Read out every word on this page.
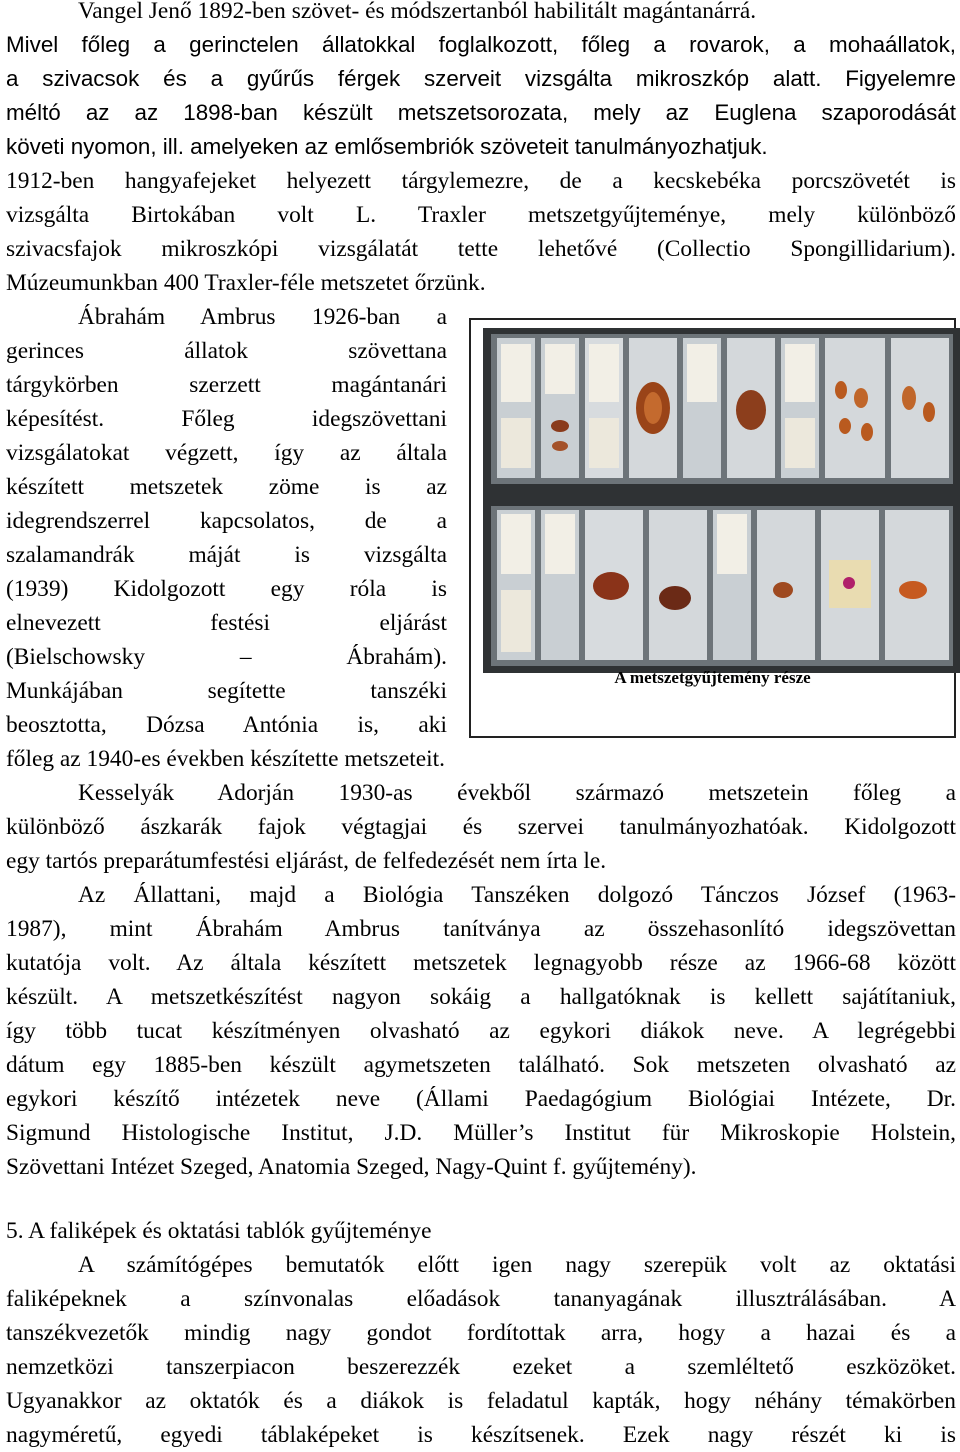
Vangel Jenő 1892-ben szövet- és módszertanból habilitált magántanárrá.
Mivel főleg a gerinctelen állatokkal foglalkozott, főleg a rovarok, a mohaállatok,
a szivacsok és a gyűrűs férgek szerveit vizsgálta mikroszkóp alatt. Figyelemre
méltó az az 1898-ban készült metszetsorozata, mely az Euglena szaporodását
követi nyomon, ill. amelyeken az emlősembriók szöveteit tanulmányozhatjuk.
1912-ben hangyafejeket helyezett tárgylemezre, de a kecskebéka porcszövetét is
vizsgálta Birtokában volt L. Traxler metszetgyűjteménye, mely különböző
szivacsfajok mikroszkópi vizsgálatát tette lehetővé (Collectio Spongillidarium).
Múzeumunkban 400 Traxler-féle metszetet őrzünk.
Ábrahám Ambrus 1926-ban a
gerinces állatok szövettana
tárgykörben szerzett magántanári
képesítést. Főleg idegszövettani
vizsgálatokat végzett, így az általa
készített metszetek zöme is az
idegrendszerrel kapcsolatos, de a
szalamandrák máját is vizsgálta
(1939) Kidolgozott egy róla is
elnevezett festési eljárást
(Bielschowsky – Ábrahám).
Munkájában segítette tanszéki
beosztotta, Dózsa Antónia is, aki
főleg az 1940-es években készítette metszeteit.
A metszetgyűjtemény része
Kesselyák Adorján 1930-as évekből származó metszetein főleg a
különböző ászkarák fajok végtagjai és szervei tanulmányozhatóak. Kidolgozott
egy tartós preparátumfestési eljárást, de felfedezését nem írta le.
Az Állattani, majd a Biológia Tanszéken dolgozó Tánczos József (1963-
1987), mint Ábrahám Ambrus tanítványa az összehasonlító idegszövettan
kutatója volt. Az általa készített metszetek legnagyobb része az 1966-68 között
készült. A metszetkészítést nagyon sokáig a hallgatóknak is kellett sajátítaniuk,
így több tucat készítményen olvasható az egykori diákok neve. A legrégebbi
dátum egy 1885-ben készült agymetszeten található. Sok metszeten olvasható az
egykori készítő intézetek neve (Állami Paedagógium Biológiai Intézete, Dr.
Sigmund Histologische Institut, J.D. Müller’s Institut für Mikroskopie Holstein,
Szövettani Intézet Szeged, Anatomia Szeged, Nagy-Quint f. gyűjtemény).
5. A faliképek és oktatási tablók gyűjteménye
A számítógépes bemutatók előtt igen nagy szerepük volt az oktatási
faliképeknek a színvonalas előadások tananyagának illusztrálásában. A
tanszékvezetők mindig nagy gondot fordítottak arra, hogy a hazai és a
nemzetközi tanszerpiacon beszerezzék ezeket a szemléltető eszközöket.
Ugyanakkor az oktatók és a diákok is feladatul kapták, hogy néhány témakörben
nagyméretű, egyedi táblaképeket is készítsenek. Ezek nagy részét ki is
